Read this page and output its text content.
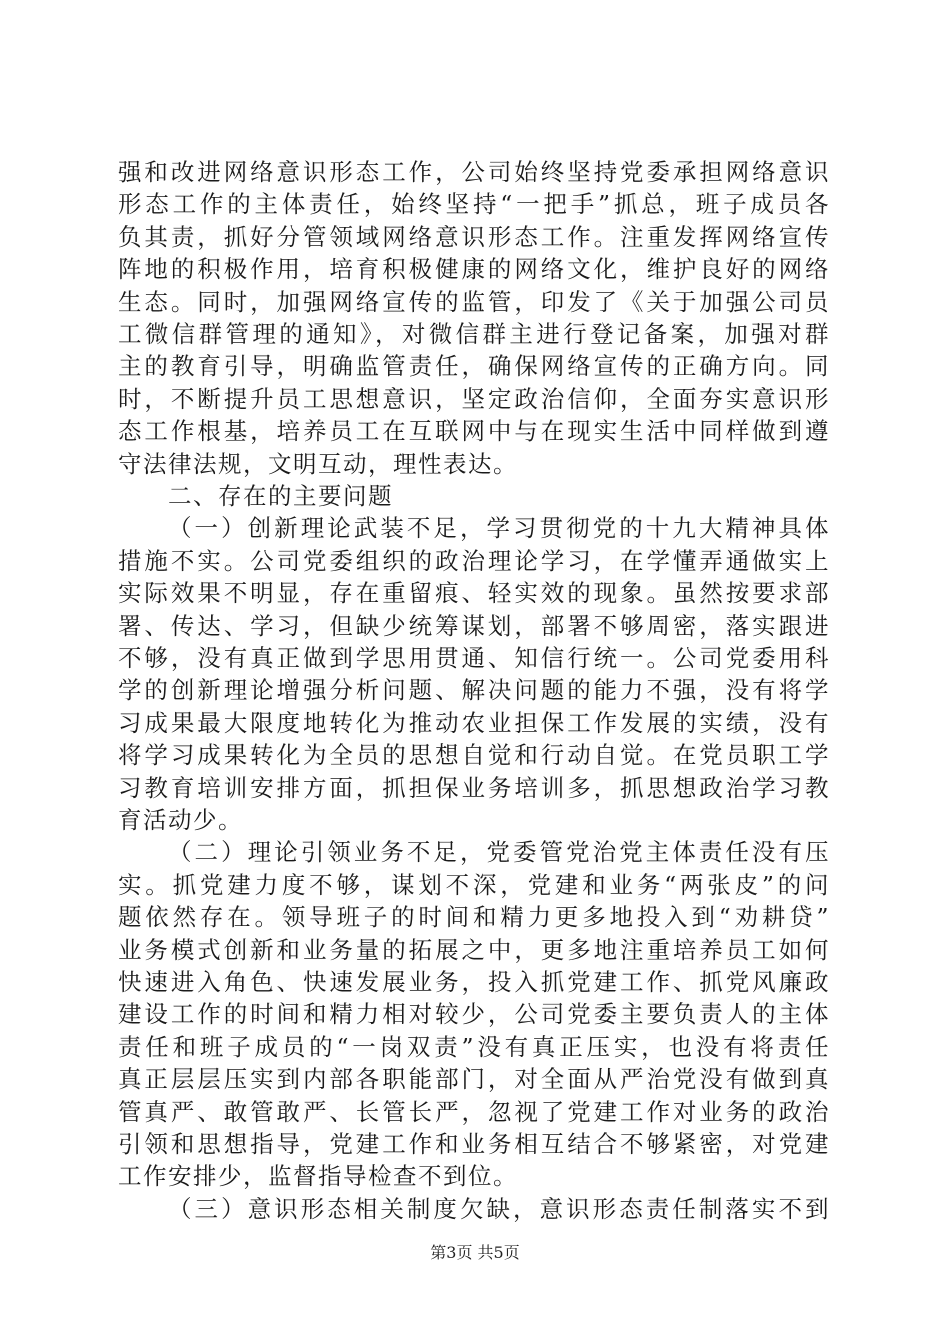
第3页 共5页
强和改进网络意识形态工作，公司始终坚持党委承担网络意识
形态工作的主体责任，始终坚持“一把手”抓总，班子成员各
负其责，抓好分管领域网络意识形态工作。注重发挥网络宣传
阵地的积极作用，培育积极健康的网络文化，维护良好的网络
生态。同时，加强网络宣传的监管，印发了《关于加强公司员
工微信群管理的通知》，对微信群主进行登记备案，加强对群
主的教育引导，明确监管责任，确保网络宣传的正确方向。同
时，不断提升员工思想意识，坚定政治信仰，全面夯实意识形
态工作根基，培养员工在互联网中与在现实生活中同样做到遵
守法律法规，文明互动，理性表达。
二、存在的主要问题
（一）创新理论武装不足，学习贯彻党的十九大精神具体
措施不实。公司党委组织的政治理论学习，在学懂弄通做实上
实际效果不明显，存在重留痕、轻实效的现象。虽然按要求部
署、传达、学习，但缺少统筹谋划，部署不够周密，落实跟进
不够，没有真正做到学思用贯通、知信行统一。公司党委用科
学的创新理论增强分析问题、解决问题的能力不强，没有将学
习成果最大限度地转化为推动农业担保工作发展的实绩，没有
将学习成果转化为全员的思想自觉和行动自觉。在党员职工学
习教育培训安排方面，抓担保业务培训多，抓思想政治学习教
育活动少。
（二）理论引领业务不足，党委管党治党主体责任没有压
实。抓党建力度不够，谋划不深，党建和业务“两张皮”的问
题依然存在。领导班子的时间和精力更多地投入到“劝耕贷”
业务模式创新和业务量的拓展之中，更多地注重培养员工如何
快速进入角色、快速发展业务，投入抓党建工作、抓党风廉政
建设工作的时间和精力相对较少，公司党委主要负责人的主体
责任和班子成员的“一岗双责”没有真正压实，也没有将责任
真正层层压实到内部各职能部门，对全面从严治党没有做到真
管真严、敢管敢严、长管长严，忽视了党建工作对业务的政治
引领和思想指导，党建工作和业务相互结合不够紧密，对党建
工作安排少，监督指导检查不到位。
（三）意识形态相关制度欠缺，意识形态责任制落实不到
